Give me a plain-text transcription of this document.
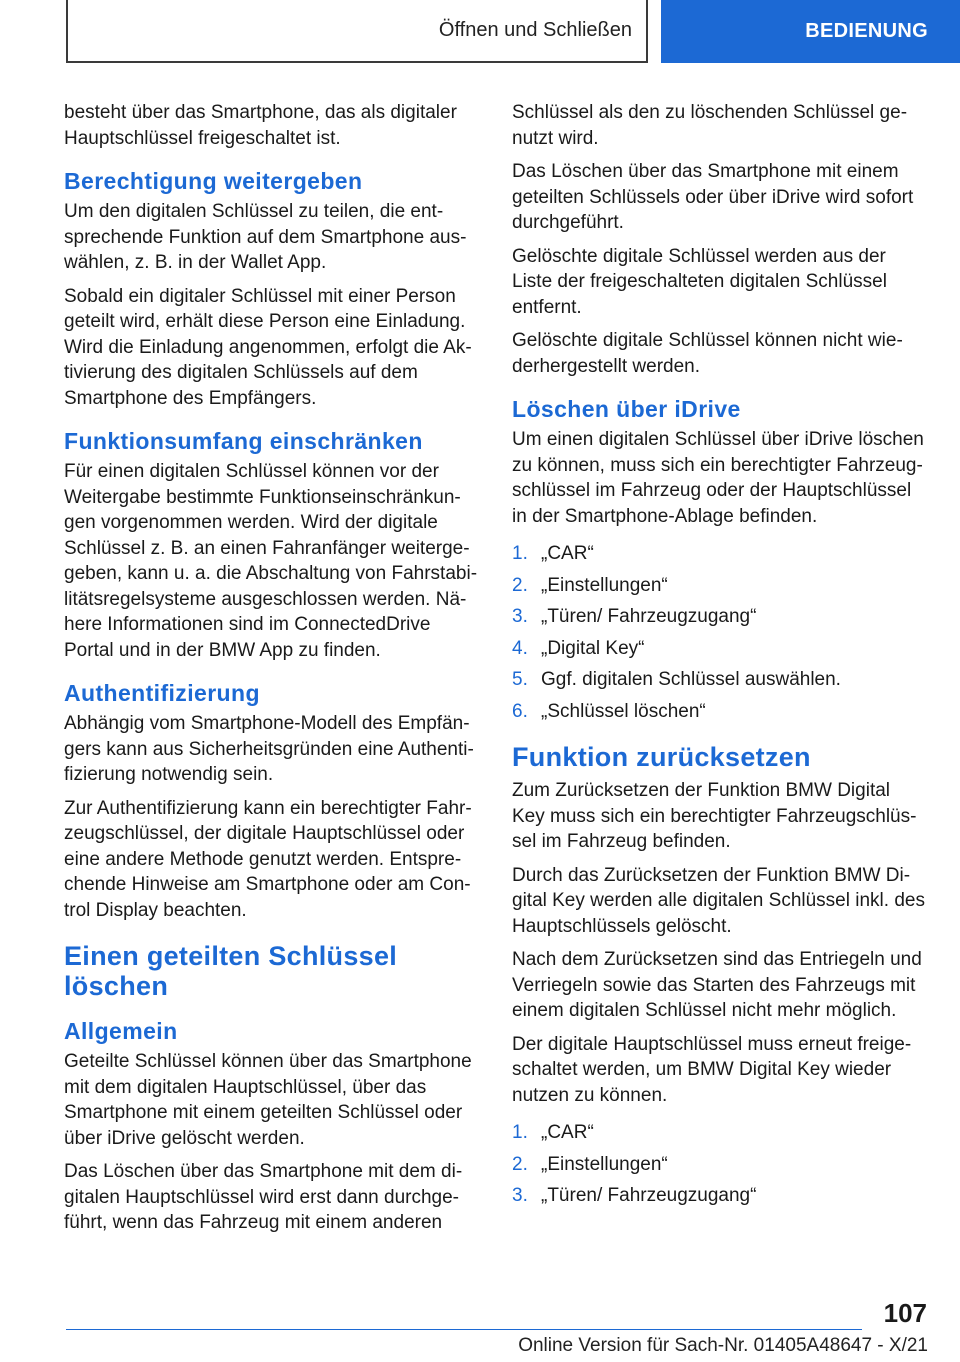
Öffnen und Schließen	BEDIENUNG

besteht über das Smartphone, das als digitaler Hauptschlüssel freigeschaltet ist.

Berechtigung weitergeben

Um den digitalen Schlüssel zu teilen, die entsprechende Funktion auf dem Smartphone auswählen, z. B. in der Wallet App.

Sobald ein digitaler Schlüssel mit einer Person geteilt wird, erhält diese Person eine Einladung. Wird die Einladung angenommen, erfolgt die Aktivierung des digitalen Schlüssels auf dem Smartphone des Empfängers.

Funktionsumfang einschränken

Für einen digitalen Schlüssel können vor der Weitergabe bestimmte Funktionseinschränkungen vorgenommen werden. Wird der digitale Schlüssel z. B. an einen Fahranfänger weitergegeben, kann u. a. die Abschaltung von Fahrstabilitätsregelsysteme ausgeschlossen werden. Nähere Informationen sind im ConnectedDrive Portal und in der BMW App zu finden.

Authentifizierung

Abhängig vom Smartphone-Modell des Empfängers kann aus Sicherheitsgründen eine Authentifizierung notwendig sein.

Zur Authentifizierung kann ein berechtigter Fahrzeugschlüssel, der digitale Hauptschlüssel oder eine andere Methode genutzt werden. Entsprechende Hinweise am Smartphone oder am Control Display beachten.

Einen geteilten Schlüssel löschen
Allgemein

Geteilte Schlüssel können über das Smartphone mit dem digitalen Hauptschlüssel, über das Smartphone mit einem geteilten Schlüssel oder über iDrive gelöscht werden.

Das Löschen über das Smartphone mit dem digitalen Hauptschlüssel wird erst dann durchgeführt, wenn das Fahrzeug mit einem anderen

Schlüssel als den zu löschenden Schlüssel genutzt wird.

Das Löschen über das Smartphone mit einem geteilten Schlüssels oder über iDrive wird sofort durchgeführt.

Gelöschte digitale Schlüssel werden aus der Liste der freigeschalteten digitalen Schlüssel entfernt.

Gelöschte digitale Schlüssel können nicht wiederhergestellt werden.

Löschen über iDrive

Um einen digitalen Schlüssel über iDrive löschen zu können, muss sich ein berechtigter Fahrzeugschlüssel im Fahrzeug oder der Hauptschlüssel in der Smartphone-Ablage befinden.

1. „CAR“
2. „Einstellungen“
3. „Türen/ Fahrzeugzugang“
4. „Digital Key“
5. Ggf. digitalen Schlüssel auswählen.
6. „Schlüssel löschen“
Funktion zurücksetzen

Zum Zurücksetzen der Funktion BMW Digital Key muss sich ein berechtigter Fahrzeugschlüssel im Fahrzeug befinden.

Durch das Zurücksetzen der Funktion BMW Digital Key werden alle digitalen Schlüssel inkl. des Hauptschlüssels gelöscht.

Nach dem Zurücksetzen sind das Entriegeln und Verriegeln sowie das Starten des Fahrzeugs mit einem digitalen Schlüssel nicht mehr möglich.

Der digitale Hauptschlüssel muss erneut freigeschaltet werden, um BMW Digital Key wieder nutzen zu können.

1. „CAR“
2. „Einstellungen“
3. „Türen/ Fahrzeugzugang“
107
Online Version für Sach-Nr. 01405A48647 - X/21
